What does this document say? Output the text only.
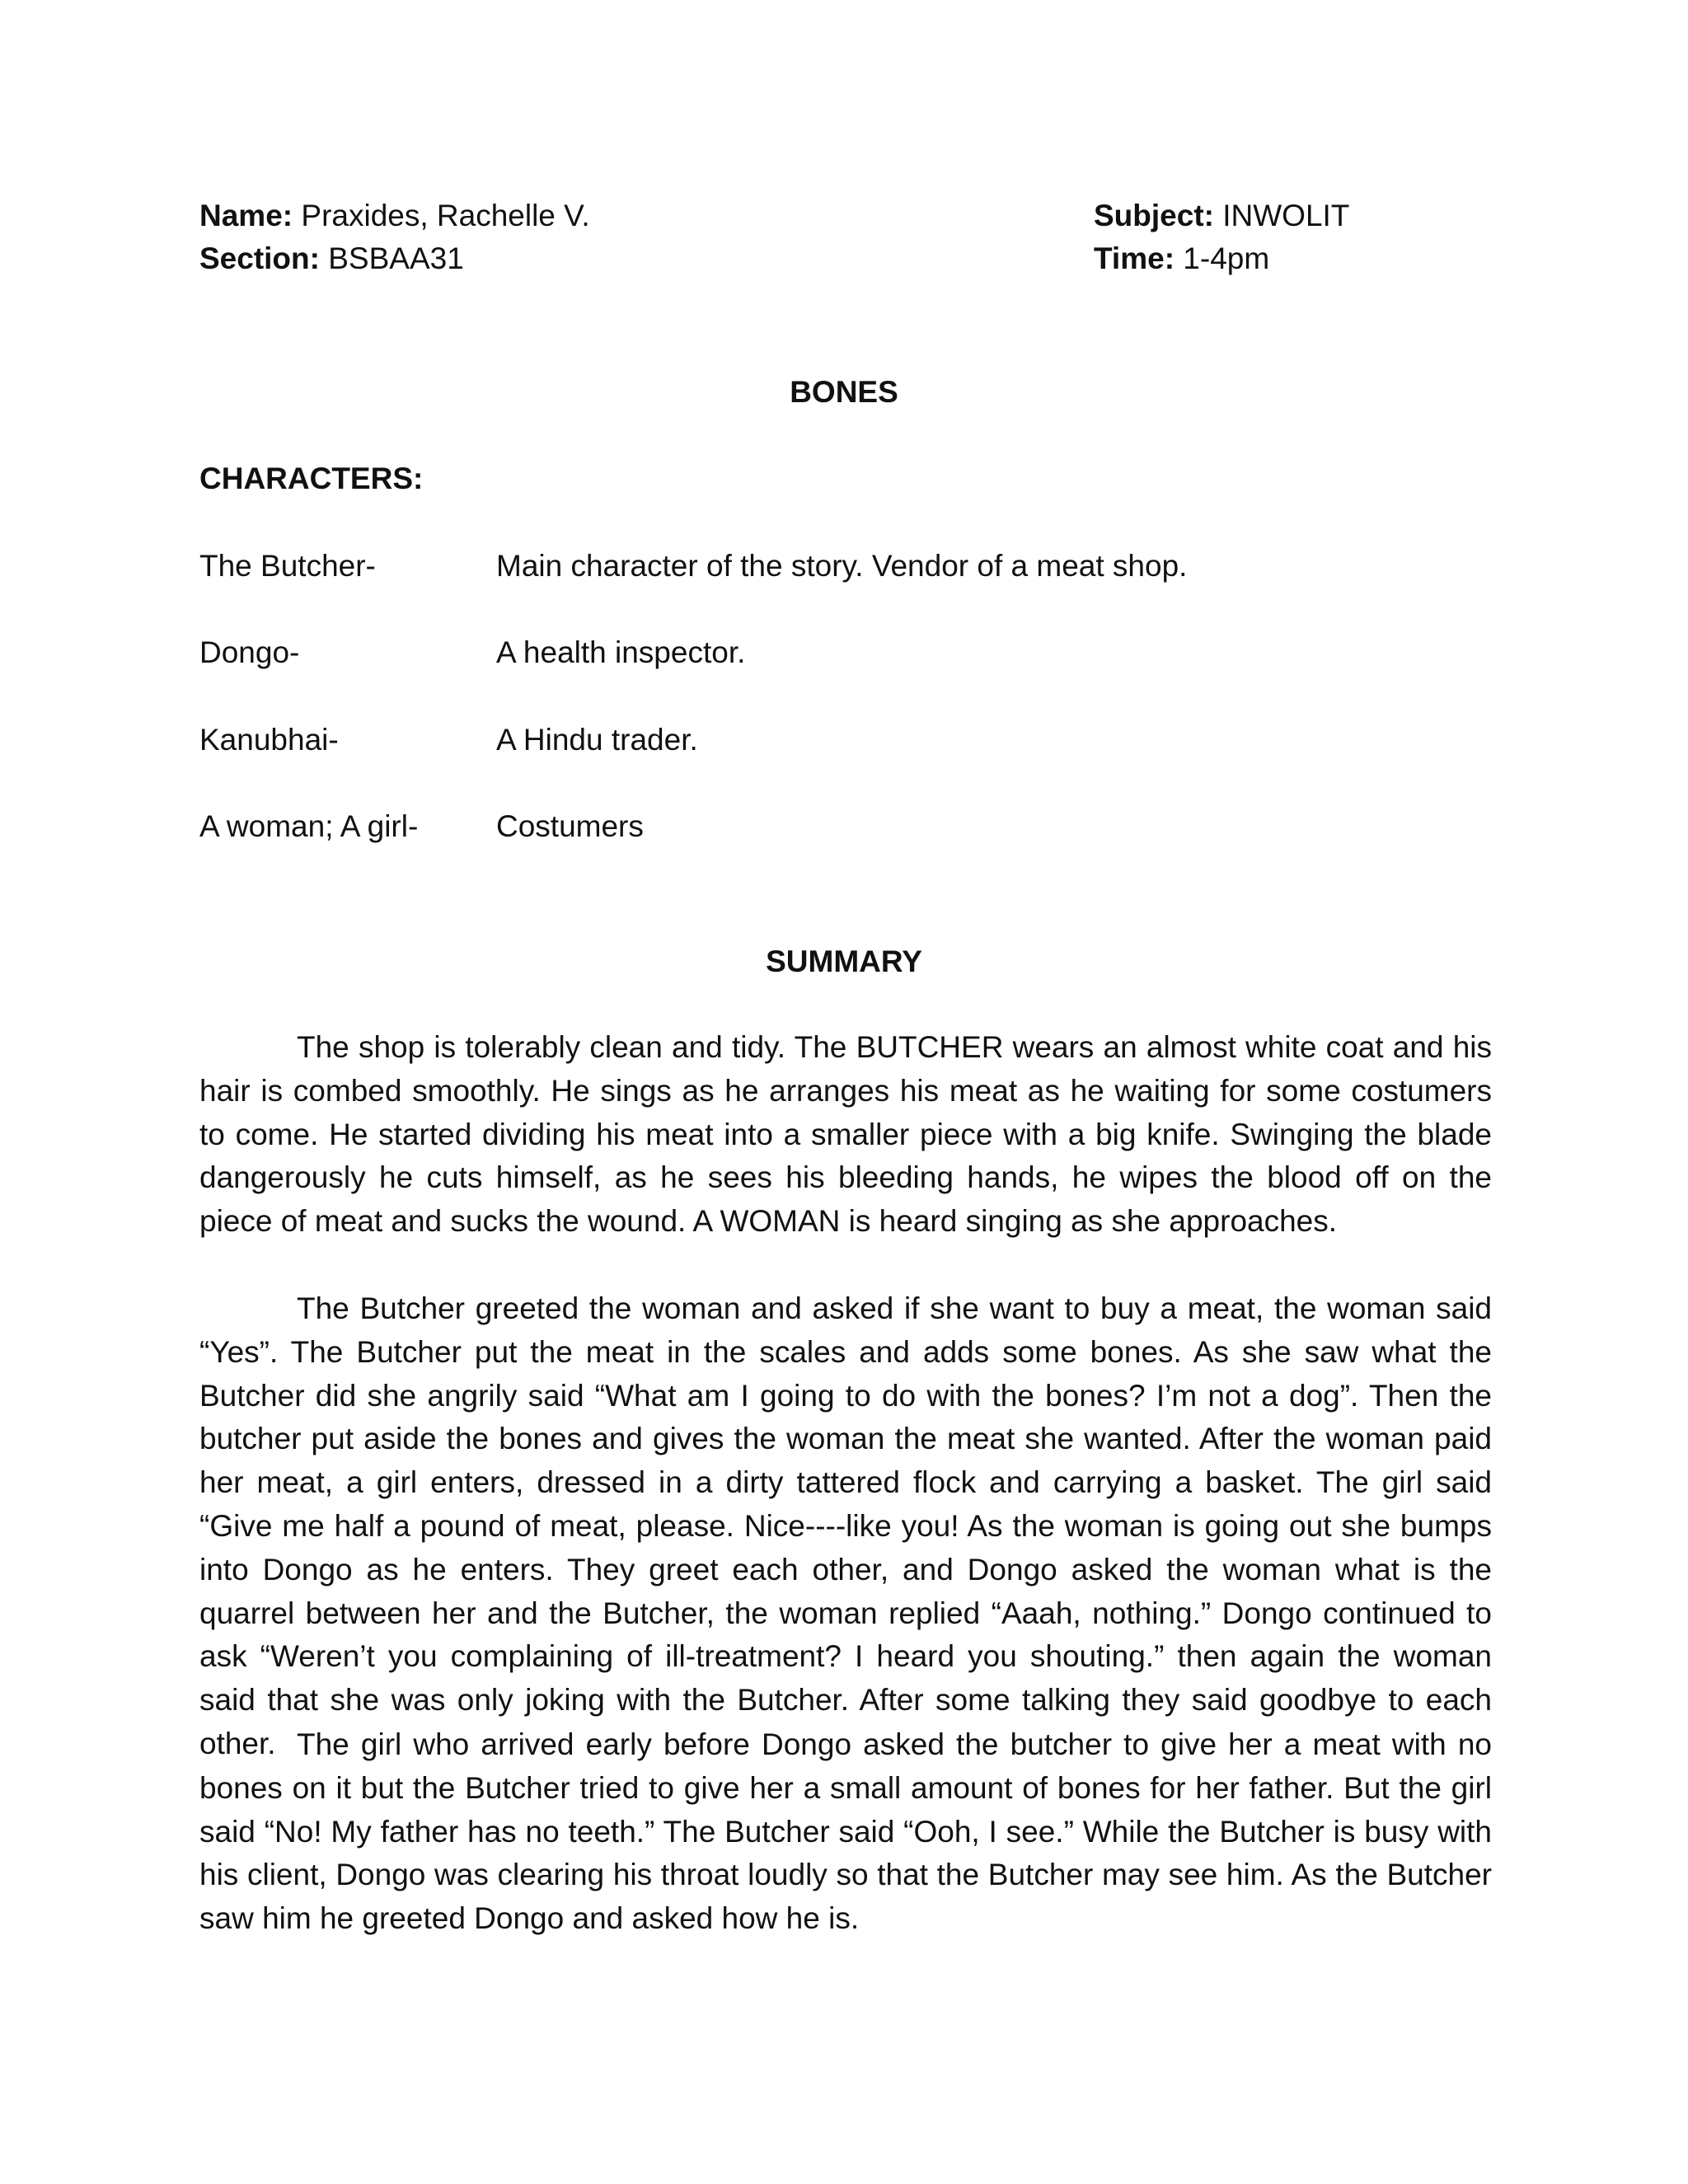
Name: Praxides, Rachelle V.
Section: BSBAA31
Subject: INWOLIT
Time: 1-4pm
BONES
CHARACTERS:
The Butcher-	Main character of the story. Vendor of a meat shop.
Dongo-	A health inspector.
Kanubhai-	A Hindu trader.
A woman; A girl-	Costumers
SUMMARY

The shop is tolerably clean and tidy. The BUTCHER wears an almost white coat and his hair is combed smoothly. He sings as he arranges his meat as he waiting for some costumers to come. He started dividing his meat into a smaller piece with a big knife. Swinging the blade dangerously he cuts himself, as he sees his bleeding hands, he wipes the blood off on the piece of meat and sucks the wound. A WOMAN is heard singing as she approaches.

The Butcher greeted the woman and asked if she want to buy a meat, the woman said “Yes”. The Butcher put the meat in the scales and adds some bones. As she saw what the Butcher did she angrily said “What am I going to do with the bones? I’m not a dog”. Then the butcher put aside the bones and gives the woman the meat she wanted. After the woman paid her meat, a girl enters, dressed in a dirty tattered flock and carrying a basket. The girl said “Give me half a pound of meat, please. Nice----like you! As the woman is going out she bumps into Dongo as he enters. They greet each other, and Dongo asked the woman what is the quarrel between her and the Butcher, the woman replied “Aaah, nothing.” Dongo continued to ask “Weren’t you complaining of ill-treatment? I heard you shouting.” then again the woman said that she was only joking with the Butcher. After some talking they said goodbye to each other. The girl who arrived early before Dongo asked the butcher to give her a meat with no bones on it but the Butcher tried to give her a small amount of bones for her father. But the girl said “No! My father has no teeth.” The Butcher said “Ooh, I see.” While the Butcher is busy with his client, Dongo was clearing his throat loudly so that the Butcher may see him. As the Butcher saw him he greeted Dongo and asked how he is.
